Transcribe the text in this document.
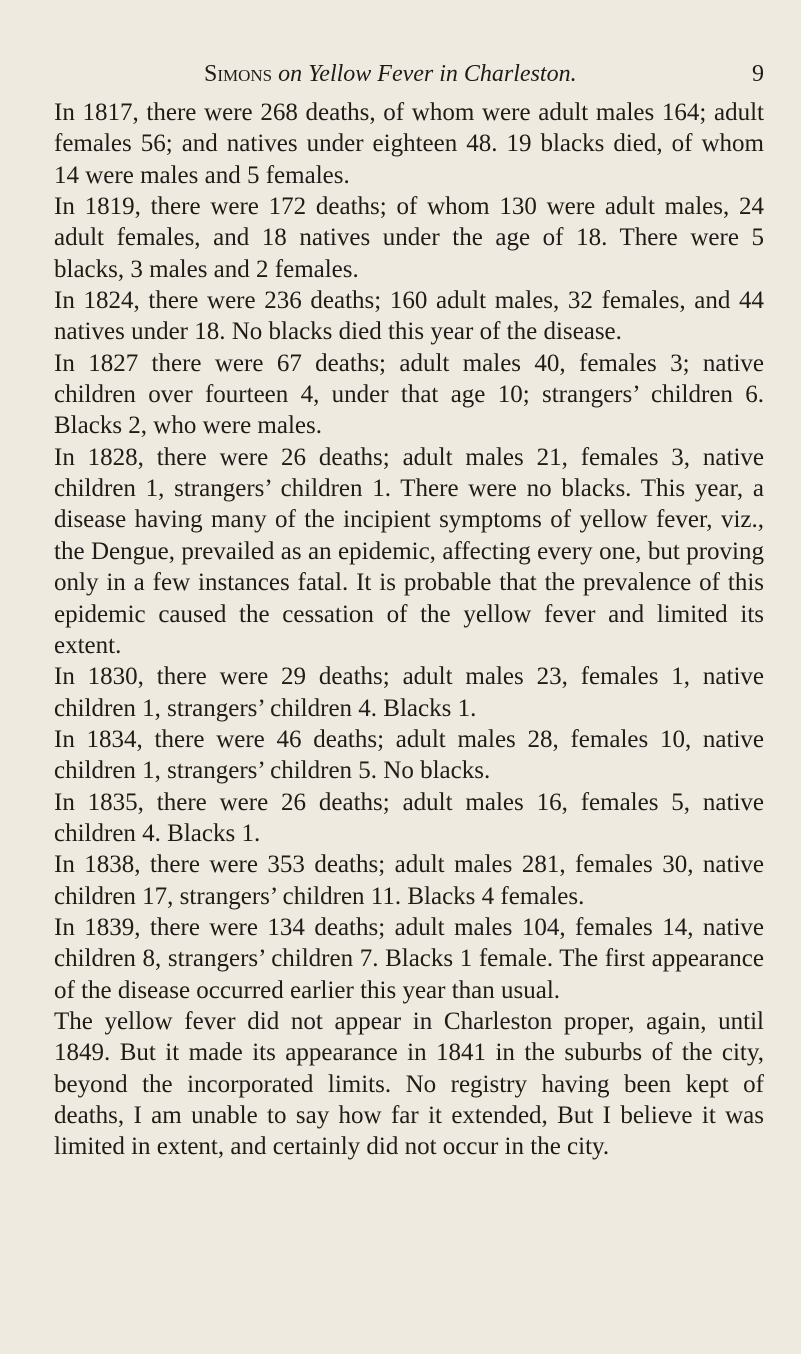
Simons on Yellow Fever in Charleston.	9

In 1817, there were 268 deaths, of whom were adult males 164; adult females 56; and natives under eighteen 48. 19 blacks died, of whom 14 were males and 5 females.

In 1819, there were 172 deaths; of whom 130 were adult males, 24 adult females, and 18 natives under the age of 18. There were 5 blacks, 3 males and 2 females.

In 1824, there were 236 deaths; 160 adult males, 32 females, and 44 natives under 18. No blacks died this year of the disease.

In 1827 there were 67 deaths; adult males 40, females 3; native children over fourteen 4, under that age 10; strangers’ children 6. Blacks 2, who were males.

In 1828, there were 26 deaths; adult males 21, females 3, native children 1, strangers’ children 1. There were no blacks. This year, a disease having many of the incipient symptoms of yellow fever, viz., the Dengue, prevailed as an epidemic, affecting every one, but proving only in a few instances fatal. It is probable that the prevalence of this epidemic caused the cessation of the yellow fever and limited its extent.

In 1830, there were 29 deaths; adult males 23, females 1, native children 1, strangers’ children 4. Blacks 1.

In 1834, there were 46 deaths; adult males 28, females 10, native children 1, strangers’ children 5. No blacks.

In 1835, there were 26 deaths; adult males 16, females 5, native children 4. Blacks 1.

In 1838, there were 353 deaths; adult males 281, females 30, native children 17, strangers’ children 11. Blacks 4 females.

In 1839, there were 134 deaths; adult males 104, females 14, native children 8, strangers’ children 7. Blacks 1 female. The first appearance of the disease occurred earlier this year than usual.

The yellow fever did not appear in Charleston proper, again, until 1849. But it made its appearance in 1841 in the suburbs of the city, beyond the incorporated limits. No registry having been kept of deaths, I am unable to say how far it extended, But I believe it was limited in extent, and certainly did not occur in the city.
